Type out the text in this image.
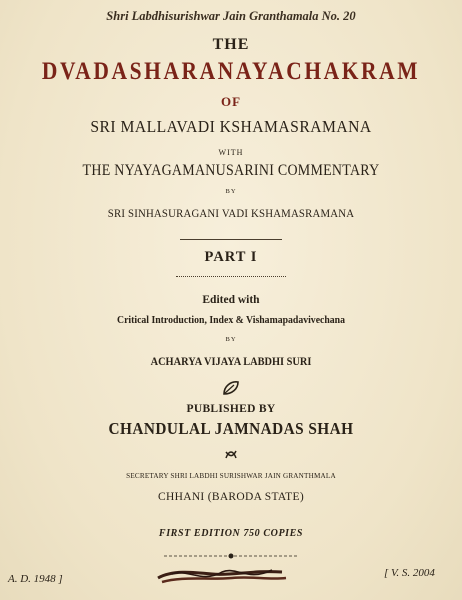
Shri Labdhisurishwar Jain Granthamala No. 20
THE
DVADASHARANAYACHAKRAM
OF
SRI MALLAVADI KSHAMASRAMANA
WITH
THE NYAYAGAMANUSARINI COMMENTARY
BY
SRI SINHASURAGANI VADI KSHAMASRAMANA
PART I
Edited with
Critical Introduction, Index & Vishamapadavivechana
BY
ACHARYA VIJAYA LABDHI SURI
PUBLISHED BY
CHANDULAL JAMNADAS SHAH
SECRETARY SHRI LABDHI SURISHWAR JAIN GRANTHMALA
CHHANI (BARODA STATE)
FIRST EDITION 750 COPIES
A. D. 1948 ]	[ V. S. 2004
